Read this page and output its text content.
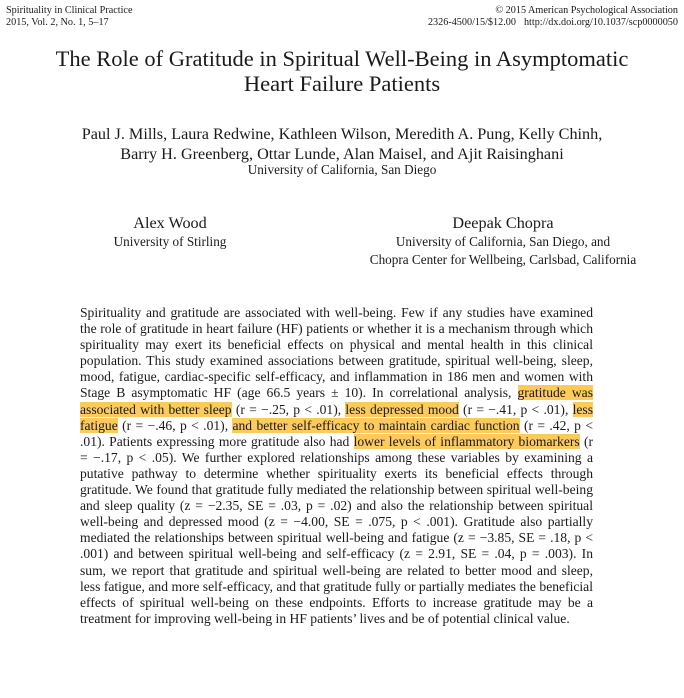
Spirituality in Clinical Practice
2015, Vol. 2, No. 1, 5–17
© 2015 American Psychological Association
2326-4500/15/$12.00 http://dx.doi.org/10.1037/scp0000050
The Role of Gratitude in Spiritual Well-Being in Asymptomatic
Heart Failure Patients
Paul J. Mills, Laura Redwine, Kathleen Wilson, Meredith A. Pung, Kelly Chinh,
Barry H. Greenberg, Ottar Lunde, Alan Maisel, and Ajit Raisinghani
University of California, San Diego
Alex Wood
University of Stirling
Deepak Chopra
University of California, San Diego, and
Chopra Center for Wellbeing, Carlsbad, California
Spirituality and gratitude are associated with well-being. Few if any studies have examined the role of gratitude in heart failure (HF) patients or whether it is a mechanism through which spirituality may exert its beneficial effects on physical and mental health in this clinical population. This study examined associations between gratitude, spiritual well-being, sleep, mood, fatigue, cardiac-specific self-efficacy, and inflammation in 186 men and women with Stage B asymptomatic HF (age 66.5 years ± 10). In correlational analysis, gratitude was associated with better sleep (r = −.25, p < .01), less depressed mood (r = −.41, p < .01), less fatigue (r = −.46, p < .01), and better self-efficacy to maintain cardiac function (r = .42, p < .01). Patients expressing more gratitude also had lower levels of inflammatory biomarkers (r = −.17, p < .05). We further explored relationships among these variables by examining a putative pathway to determine whether spirituality exerts its beneficial effects through gratitude. We found that gratitude fully mediated the relationship between spiritual well-being and sleep quality (z = −2.35, SE = .03, p = .02) and also the relationship between spiritual well-being and depressed mood (z = −4.00, SE = .075, p < .001). Gratitude also partially mediated the relationships between spiritual well-being and fatigue (z = −3.85, SE = .18, p < .001) and between spiritual well-being and self-efficacy (z = 2.91, SE = .04, p = .003). In sum, we report that gratitude and spiritual well-being are related to better mood and sleep, less fatigue, and more self-efficacy, and that gratitude fully or partially mediates the beneficial effects of spiritual well-being on these endpoints. Efforts to increase gratitude may be a treatment for improving well-being in HF patients’ lives and be of potential clinical value.
